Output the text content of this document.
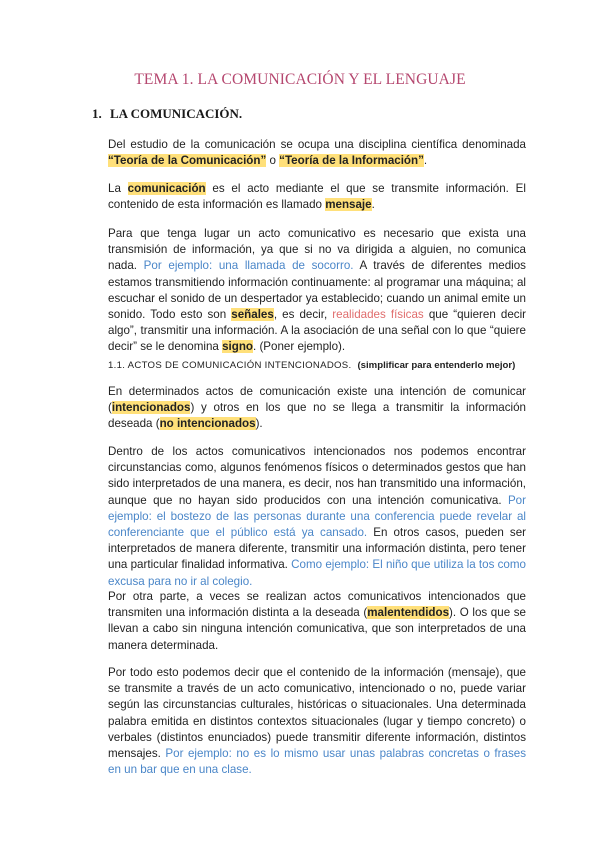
TEMA 1. LA COMUNICACIÓN Y EL LENGUAJE
1. LA COMUNICACIÓN.

Del estudio de la comunicación se ocupa una disciplina científica denominada “Teoría de la Comunicación” o “Teoría de la Información”.

La comunicación es el acto mediante el que se transmite información. El contenido de esta información es llamado mensaje.

Para que tenga lugar un acto comunicativo es necesario que exista una transmisión de información, ya que si no va dirigida a alguien, no comunica nada. Por ejemplo: una llamada de socorro. A través de diferentes medios estamos transmitiendo información continuamente: al programar una máquina; al escuchar el sonido de un despertador ya establecido; cuando un animal emite un sonido. Todo esto son señales, es decir, realidades físicas que “quieren decir algo”, transmitir una información. A la asociación de una señal con lo que “quiere decir” se le denomina signo. (Poner ejemplo).

1.1. ACTOS DE COMUNICACIÓN INTENCIONADOS. (simplificar para entenderlo mejor)

En determinados actos de comunicación existe una intención de comunicar (intencionados) y otros en los que no se llega a transmitir la información deseada (no intencionados).

Dentro de los actos comunicativos intencionados nos podemos encontrar circunstancias como, algunos fenómenos físicos o determinados gestos que han sido interpretados de una manera, es decir, nos han transmitido una información, aunque que no hayan sido producidos con una intención comunicativa. Por ejemplo: el bostezo de las personas durante una conferencia puede revelar al conferenciante que el público está ya cansado. En otros casos, pueden ser interpretados de manera diferente, transmitir una información distinta, pero tener una particular finalidad informativa. Como ejemplo: El niño que utiliza la tos como excusa para no ir al colegio.

Por otra parte, a veces se realizan actos comunicativos intencionados que transmiten una información distinta a la deseada (malentendidos). O los que se llevan a cabo sin ninguna intención comunicativa, que son interpretados de una manera determinada.

Por todo esto podemos decir que el contenido de la información (mensaje), que se transmite a través de un acto comunicativo, intencionado o no, puede variar según las circunstancias culturales, históricas o situacionales. Una determinada palabra emitida en distintos contextos situacionales (lugar y tiempo concreto) o verbales (distintos enunciados) puede transmitir diferente información, distintos mensajes. Por ejemplo: no es lo mismo usar unas palabras concretas o frases en un bar que en una clase.
